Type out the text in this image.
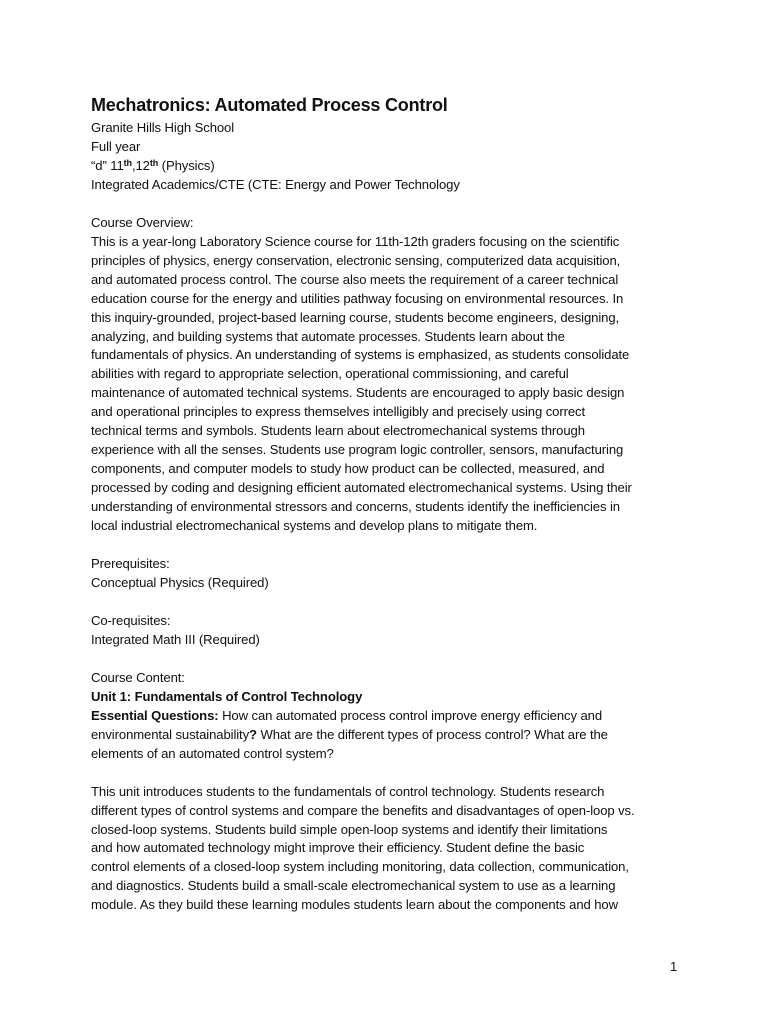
Mechatronics: Automated Process Control
Granite Hills High School
Full year
“d” 11th,12th (Physics)
Integrated Academics/CTE (CTE: Energy and Power Technology
Course Overview:
This is a year-long Laboratory Science course for 11th-12th graders focusing on the scientific
principles of physics, energy conservation, electronic sensing, computerized data acquisition,
and automated process control. The course also meets the requirement of a career technical
education course for the energy and utilities pathway focusing on environmental resources. In
this inquiry-grounded, project-based learning course, students become engineers, designing,
analyzing, and building systems that automate processes. Students learn about the
fundamentals of physics. An understanding of systems is emphasized, as students consolidate
abilities with regard to appropriate selection, operational commissioning, and careful
maintenance of automated technical systems. Students are encouraged to apply basic design
and operational principles to express themselves intelligibly and precisely using correct
technical terms and symbols. Students learn about electromechanical systems through
experience with all the senses. Students use program logic controller, sensors, manufacturing
components, and computer models to study how product can be collected, measured, and
processed by coding and designing efficient automated electromechanical systems. Using their
understanding of environmental stressors and concerns, students identify the inefficiencies in
local industrial electromechanical systems and develop plans to mitigate them.
Prerequisites:
Conceptual Physics (Required)
Co-requisites:
Integrated Math III (Required)
Course Content:
Unit 1: Fundamentals of Control Technology
Essential Questions: How can automated process control improve energy efficiency and
environmental sustainability? What are the different types of process control? What are the
elements of an automated control system?
This unit introduces students to the fundamentals of control technology. Students research
different types of control systems and compare the benefits and disadvantages of open-loop vs.
closed-loop systems. Students build simple open-loop systems and identify their limitations
and how automated technology might improve their efficiency. Student define the basic
control elements of a closed-loop system including monitoring, data collection, communication,
and diagnostics. Students build a small-scale electromechanical system to use as a learning
module. As they build these learning modules students learn about the components and how
1
